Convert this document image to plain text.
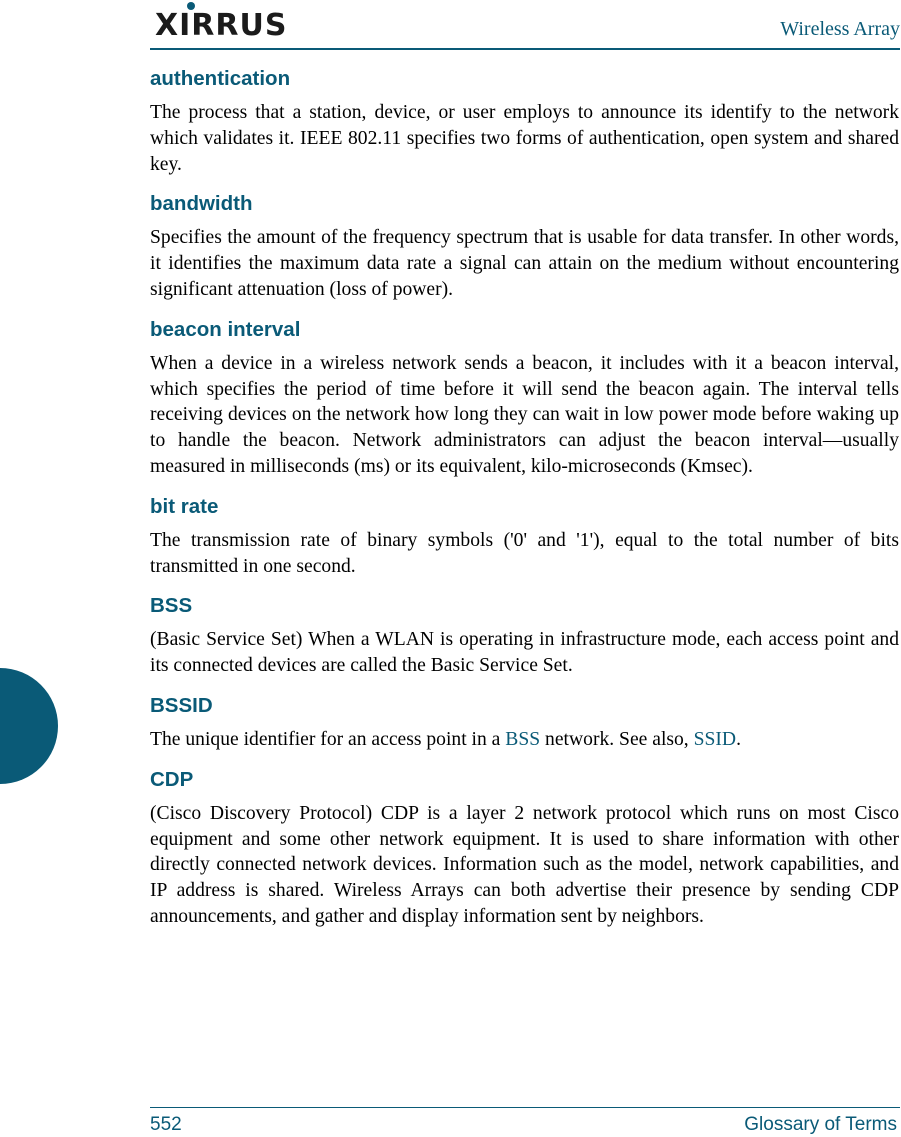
XIRRUS	Wireless Array
authentication

The process that a station, device, or user employs to announce its identify to the network which validates it. IEEE 802.11 specifies two forms of authentication, open system and shared key.

bandwidth

Specifies the amount of the frequency spectrum that is usable for data transfer. In other words, it identifies the maximum data rate a signal can attain on the medium without encountering significant attenuation (loss of power).

beacon interval

When a device in a wireless network sends a beacon, it includes with it a beacon interval, which specifies the period of time before it will send the beacon again. The interval tells receiving devices on the network how long they can wait in low power mode before waking up to handle the beacon. Network administrators can adjust the beacon interval—usually measured in milliseconds (ms) or its equivalent, kilo-microseconds (Kmsec).

bit rate

The transmission rate of binary symbols ('0' and '1'), equal to the total number of bits transmitted in one second.

BSS

(Basic Service Set) When a WLAN is operating in infrastructure mode, each access point and its connected devices are called the Basic Service Set.

BSSID

The unique identifier for an access point in a BSS network. See also, SSID.

CDP

(Cisco Discovery Protocol) CDP is a layer 2 network protocol which runs on most Cisco equipment and some other network equipment. It is used to share information with other directly connected network devices. Information such as the model, network capabilities, and IP address is shared. Wireless Arrays can both advertise their presence by sending CDP announcements, and gather and display information sent by neighbors.

552	Glossary of Terms
